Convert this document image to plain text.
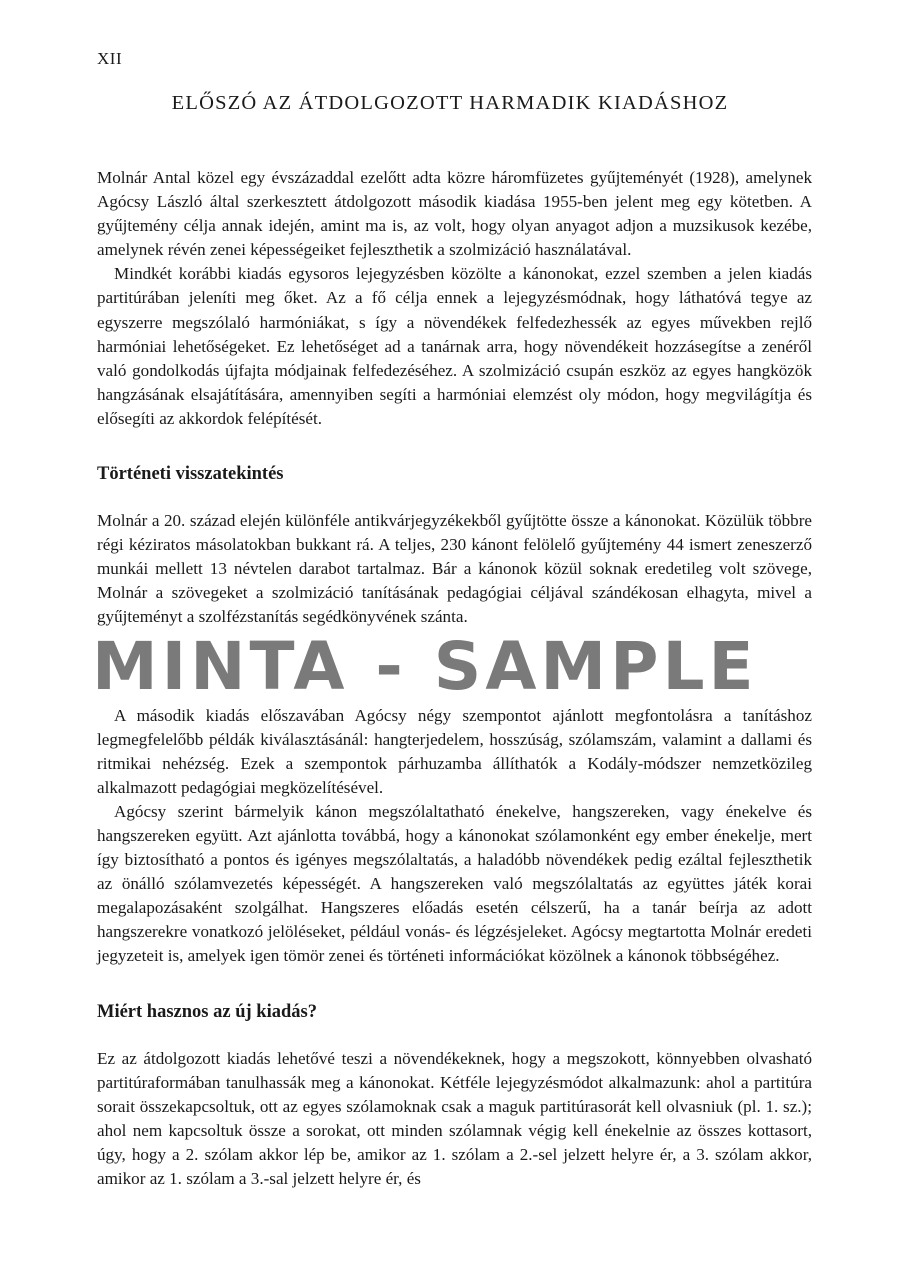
XII
ELŐSZÓ AZ ÁTDOLGOZOTT HARMADIK KIADÁSHOZ

Molnár Antal közel egy évszázaddal ezelőtt adta közre háromfüzetes gyűjteményét (1928), amelynek Agócsy László által szerkesztett átdolgozott második kiadása 1955-ben jelent meg egy kötetben. A gyűjtemény célja annak idején, amint ma is, az volt, hogy olyan anyagot adjon a muzsikusok kezébe, amelynek révén zenei képességeiket fejleszthetik a szolmizáció használatával.

Mindkét korábbi kiadás egysoros lejegyzésben közölte a kánonokat, ezzel szemben a jelen kiadás partitúrában jeleníti meg őket. Az a fő célja ennek a lejegyzésmódnak, hogy láthatóvá tegye az egyszerre megszólaló harmóniákat, s így a növendékek felfedezhessék az egyes művekben rejlő harmóniai lehetőségeket. Ez lehetőséget ad a tanárnak arra, hogy növendékeit hozzásegítse a zenéről való gondolkodás újfajta módjainak felfedezéséhez. A szolmizáció csupán eszköz az egyes hangközök hangzásának elsajátítására, amennyiben segíti a harmóniai elemzést oly módon, hogy megvilágítja és elősegíti az akkordok felépítését.

Történeti visszatekintés

Molnár a 20. század elején különféle antikvárjegyzékekből gyűjtötte össze a kánonokat. Közülük többre régi kéziratos másolatokban bukkant rá. A teljes, 230 kánont felölelő gyűjtemény 44 ismert zeneszerző munkái mellett 13 névtelen darabot tartalmaz. Bár a kánonok közül soknak eredetileg volt szövege, Molnár a szövegeket a szolmizáció tanításának pedagógiai céljával szándékosan elhagyta, mivel a gyűjteményt a szolfézstanítás segédkönyvének szánta.

MINTA - SAMPLE

A második kiadás előszavában Agócsy négy szempontot ajánlott megfontolásra a tanításhoz legmegfelelőbb példák kiválasztásánál: hangterjedelem, hosszúság, szólamszám, valamint a dallami és ritmikai nehézség. Ezek a szempontok párhuzamba állíthatók a Kodály-módszer nemzetközileg alkalmazott pedagógiai megközelítésével.

Agócsy szerint bármelyik kánon megszólaltatható énekelve, hangszereken, vagy énekelve és hangszereken együtt. Azt ajánlotta továbbá, hogy a kánonokat szólamonként egy ember énekelje, mert így biztosítható a pontos és igényes megszólaltatás, a haladóbb növendékek pedig ezáltal fejleszthetik az önálló szólamvezetés képességét. A hangszereken való megszólaltatás az együttes játék korai megalapozásaként szolgálhat. Hangszeres előadás esetén célszerű, ha a tanár beírja az adott hangszerekre vonatkozó jelöléseket, például vonás- és légzésjeleket. Agócsy megtartotta Molnár eredeti jegyzeteit is, amelyek igen tömör zenei és történeti információkat közölnek a kánonok többségéhez.

Miért hasznos az új kiadás?

Ez az átdolgozott kiadás lehetővé teszi a növendékeknek, hogy a megszokott, könnyebben olvasható partitúraformában tanulhassák meg a kánonokat. Kétféle lejegyzésmódot alkalmazunk: ahol a partitúra sorait összekapcsoltuk, ott az egyes szólamoknak csak a maguk partitúrasorát kell olvasniuk (pl. 1. sz.); ahol nem kapcsoltuk össze a sorokat, ott minden szólamnak végig kell énekelnie az összes kottasort, úgy, hogy a 2. szólam akkor lép be, amikor az 1. szólam a 2.-sel jelzett helyre ér, a 3. szólam akkor, amikor az 1. szólam a 3.-sal jelzett helyre ér, és
